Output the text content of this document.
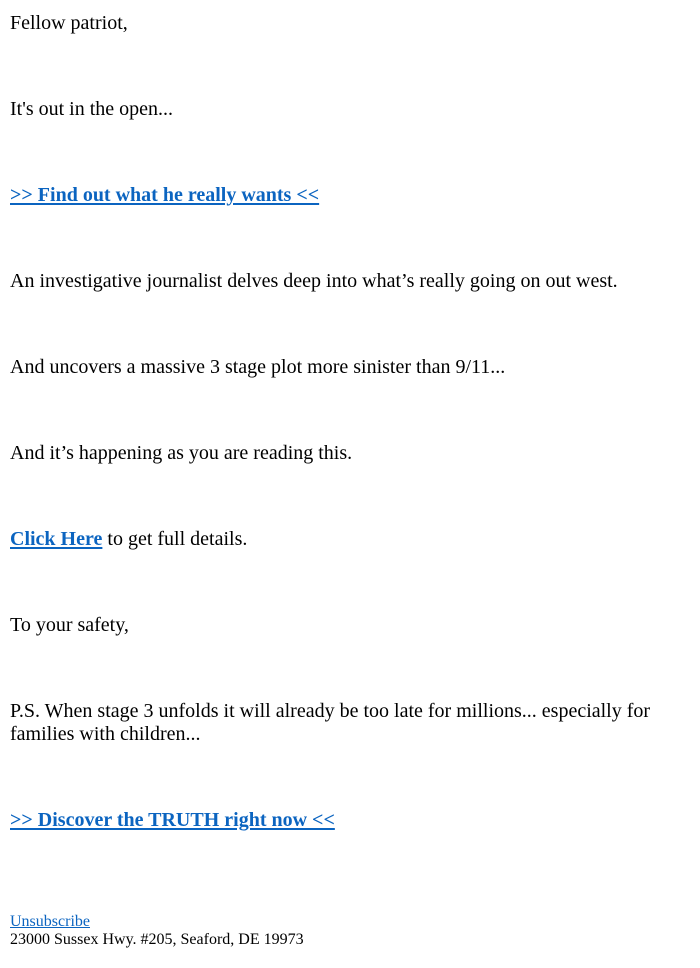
Fellow patriot,

It's out in the open...

>> Find out what he really wants <<

An investigative journalist delves deep into what’s really going on out west.

And uncovers a massive 3 stage plot more sinister than 9/11...

And it’s happening as you are reading this.

Click Here to get full details.

To your safety,

P.S. When stage 3 unfolds it will already be too late for millions... especially for families with children...

>> Discover the TRUTH right now <<

Unsubscribe
23000 Sussex Hwy. #205, Seaford, DE 19973
